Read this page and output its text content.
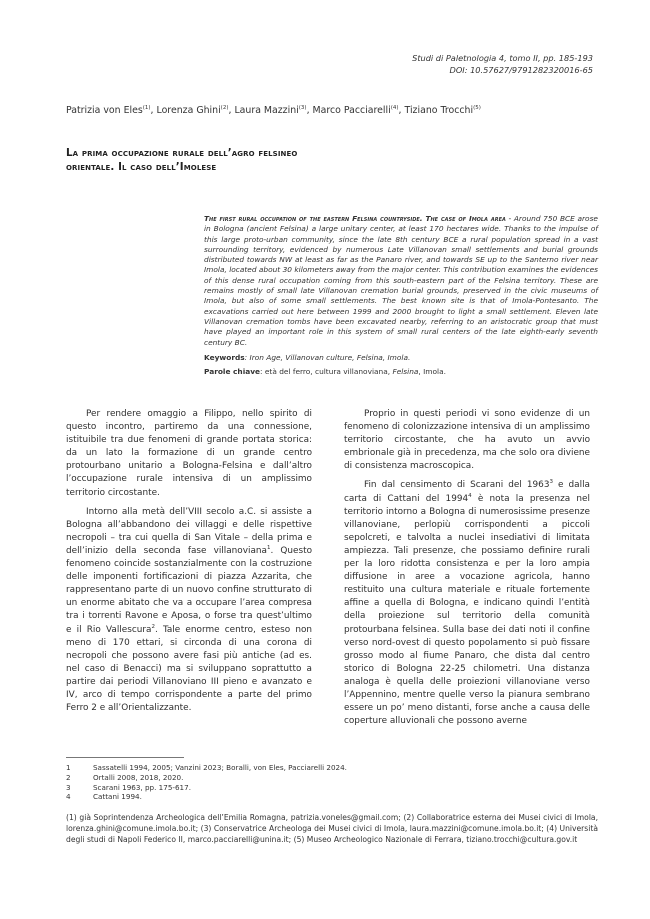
Studi di Paletnologia 4, tomo II, pp. 185-193
DOI: 10.57627/9791282320016-65
Patrizia von Eles$^{(1)}$, Lorenza Ghini$^{(2)}$, Laura Mazzini$^{(3)}$, Marco Pacciarelli$^{(4)}$, Tiziano Trocchi$^{(5)}$
La prima occupazione rurale dell’agro felsineo
orientale. Il caso dell’Imolese
The first rural occupation of the eastern Felsina countryside. The case of Imola area - Around 750 BCE arose in Bologna (ancient Felsina) a large unitary center, at least 170 hectares wide. Thanks to the impulse of this large proto-urban community, since the late 8th century BCE a rural population spread in a vast surrounding territory, evidenced by numerous Late Villanovan small settlements and burial grounds distributed towards NW at least as far as the Panaro river, and towards SE up to the Santerno river near Imola, located about 30 kilometers away from the major center. This contribution examines the evidences of this dense rural occupation coming from this south-eastern part of the Felsina territory. These are remains mostly of small late Villanovan cremation burial grounds, preserved in the civic museums of Imola, but also of some small settlements. The best known site is that of Imola-Pontesanto. The excavations carried out here between 1999 and 2000 brought to light a small settlement. Eleven late Villanovan cremation tombs have been excavated nearby, referring to an aristocratic group that must have played an important role in this system of small rural centers of the late eighth-early seventh century BC.
Keywords: Iron Age, Villanovan culture, Felsina, Imola.
Parole chiave: età del ferro, cultura villanoviana, Felsina, Imola.

Per rendere omaggio a Filippo, nello spirito di questo incontro, partiremo da una connessione, istituibile tra due fenomeni di grande portata storica: da un lato la formazione di un grande centro protourbano unitario a Bologna-Felsina e dall’altro l’occupazione rurale intensiva di un amplissimo territorio circostante.

Intorno alla metà dell’VIII secolo a.C. si assiste a Bologna all’abbandono dei villaggi e delle rispettive necropoli – tra cui quella di San Vitale – della prima e dell’inizio della seconda fase villanoviana$^1$. Questo fenomeno coincide sostanzialmente con la costruzione delle imponenti fortificazioni di piazza Azzarita, che rappresentano parte di un nuovo confine strutturato di un enorme abitato che va a occupare l’area compresa tra i torrenti Ravone e Aposa, o forse tra quest’ultimo e il Rio Vallescura$^2$. Tale enorme centro, esteso non meno di 170 ettari, si circonda di una corona di necropoli che possono avere fasi più antiche (ad es. nel caso di Benacci) ma si sviluppano soprattutto a partire dai periodi Villanoviano III pieno e avanzato e IV, arco di tempo corrispondente a parte del primo Ferro 2 e all’Orientalizzante.

Proprio in questi periodi vi sono evidenze di un fenomeno di colonizzazione intensiva di un amplissimo territorio circostante, che ha avuto un avvio embrionale già in precedenza, ma che solo ora diviene di consistenza macroscopica.

Fin dal censimento di Scarani del 1963$^3$ e dalla carta di Cattani del 1994$^4$ è nota la presenza nel territorio intorno a Bologna di numerosissime presenze villanoviane, perlopiù corrispondenti a piccoli sepolcreti, e talvolta a nuclei insediativi di limitata ampiezza. Tali presenze, che possiamo definire rurali per la loro ridotta consistenza e per la loro ampia diffusione in aree a vocazione agricola, hanno restituito una cultura materiale e rituale fortemente affine a quella di Bologna, e indicano quindi l’entità della proiezione sul territorio della comunità protourbana felsinea. Sulla base dei dati noti il confine verso nord-ovest di questo popolamento si può fissare grosso modo al fiume Panaro, che dista dal centro storico di Bologna 22-25 chilometri. Una distanza analoga è quella delle proiezioni villanoviane verso l’Appennino, mentre quelle verso la pianura sembrano essere un po’ meno distanti, forse anche a causa delle coperture alluvionali che possono averne

1	Sassatelli 1994, 2005; Vanzini 2023; Boralli, von Eles, Pacciarelli 2024.
2	Ortalli 2008, 2018, 2020.
3	Scarani 1963, pp. 175-617.
4	Cattani 1994.
(1) già Soprintendenza Archeologica dell’Emilia Romagna, patrizia.voneles@gmail.com; (2) Collaboratrice esterna dei Musei civici di Imola, lorenza.ghini@comune.imola.bo.it; (3) Conservatrice Archeologa dei Musei civici di Imola, laura.mazzini@comune.imola.bo.it; (4) Università degli studi di Napoli Federico II, marco.pacciarelli@unina.it; (5) Museo Archeologico Nazionale di Ferrara, tiziano.trocchi@cultura.gov.it
